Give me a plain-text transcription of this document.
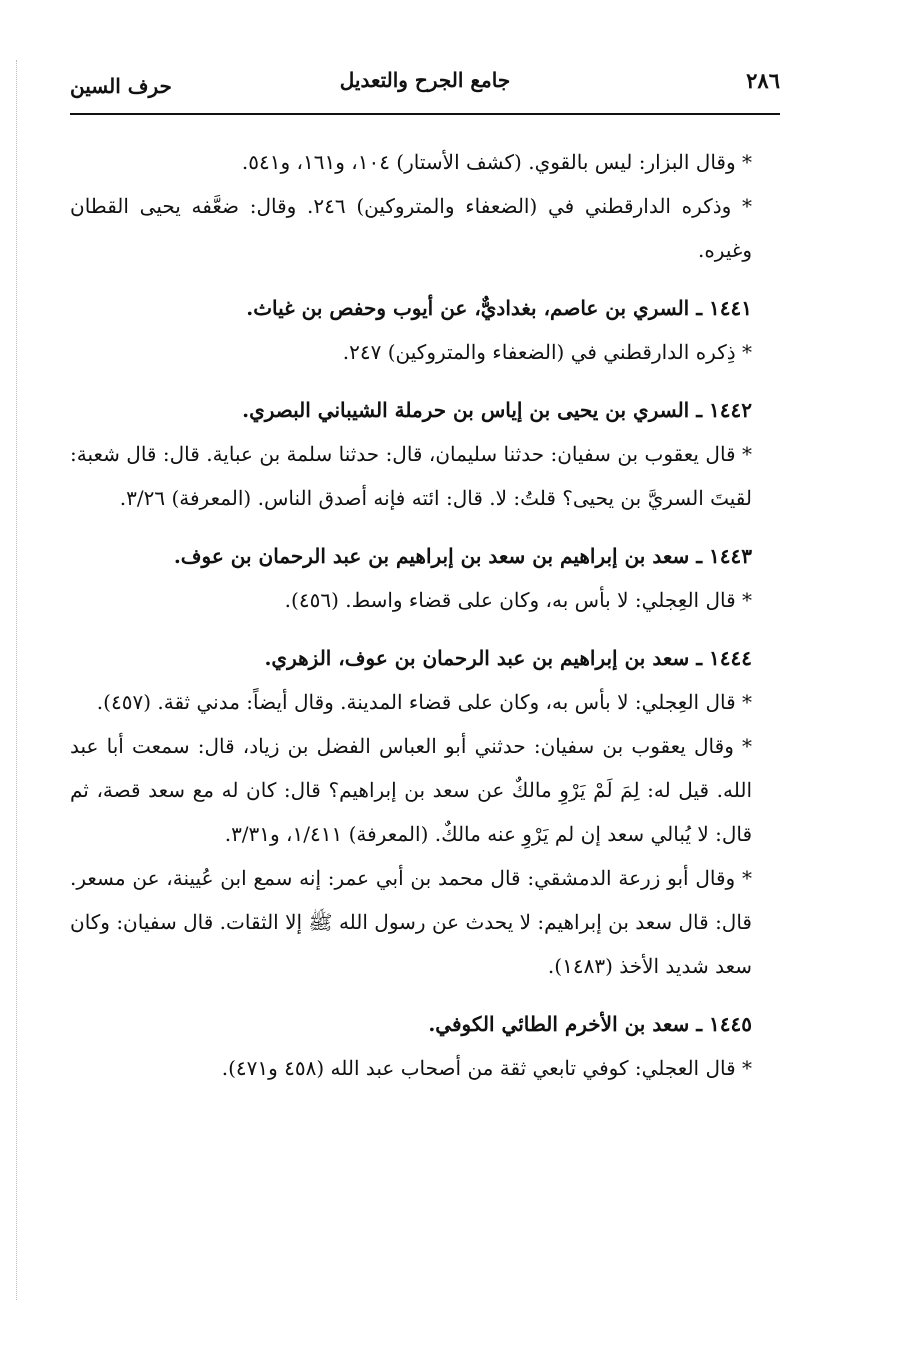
٢٨٦
جامع الجرح والتعديل
حرف السين

* وقال البزار: ليس بالقوي. (كشف الأستار) ١٠٤، و١٦١، و٥٤١.

* وذكره الدارقطني في (الضعفاء والمتروكين) ٢٤٦. وقال: ضعَّفه يحيى القطان وغيره.

١٤٤١ ـ السري بن عاصم، بغداديٌّ، عن أيوب وحفص بن غياث.

* ذِكره الدارقطني في (الضعفاء والمتروكين) ٢٤٧.

١٤٤٢ ـ السري بن يحيى بن إياس بن حرملة الشيباني البصري.

* قال يعقوب بن سفيان: حدثنا سليمان، قال: حدثنا سلمة بن عباية. قال: قال شعبة: لقيتَ السريَّ بن يحيى؟ قلتُ: لا. قال: ائته فإنه أصدق الناس. (المعرفة) ٣/٢٦.

١٤٤٣ ـ سعد بن إبراهيم بن سعد بن إبراهيم بن عبد الرحمان بن عوف.

* قال العِجلي: لا بأس به، وكان على قضاء واسط. (٤٥٦).

١٤٤٤ ـ سعد بن إبراهيم بن عبد الرحمان بن عوف، الزهري.

* قال العِجلي: لا بأس به، وكان على قضاء المدينة. وقال أيضاً: مدني ثقة. (٤٥٧).

* وقال يعقوب بن سفيان: حدثني أبو العباس الفضل بن زياد، قال: سمعت أبا عبد الله. قيل له: لِمَ لَمْ يَرْوِ مالكٌ عن سعد بن إبراهيم؟ قال: كان له مع سعد قصة، ثم قال: لا يُبالي سعد إن لم يَرْوِ عنه مالكٌ. (المعرفة) ١/٤١١، و٣/٣١.

* وقال أبو زرعة الدمشقي: قال محمد بن أبي عمر: إنه سمع ابن عُيينة، عن مسعر. قال: قال سعد بن إبراهيم: لا يحدث عن رسول الله ﷺ إلا الثقات. قال سفيان: وكان سعد شديد الأخذ (١٤٨٣).

١٤٤٥ ـ سعد بن الأخرم الطائي الكوفي.

* قال العجلي: كوفي تابعي ثقة من أصحاب عبد الله (٤٥٨ و٤٧١).
